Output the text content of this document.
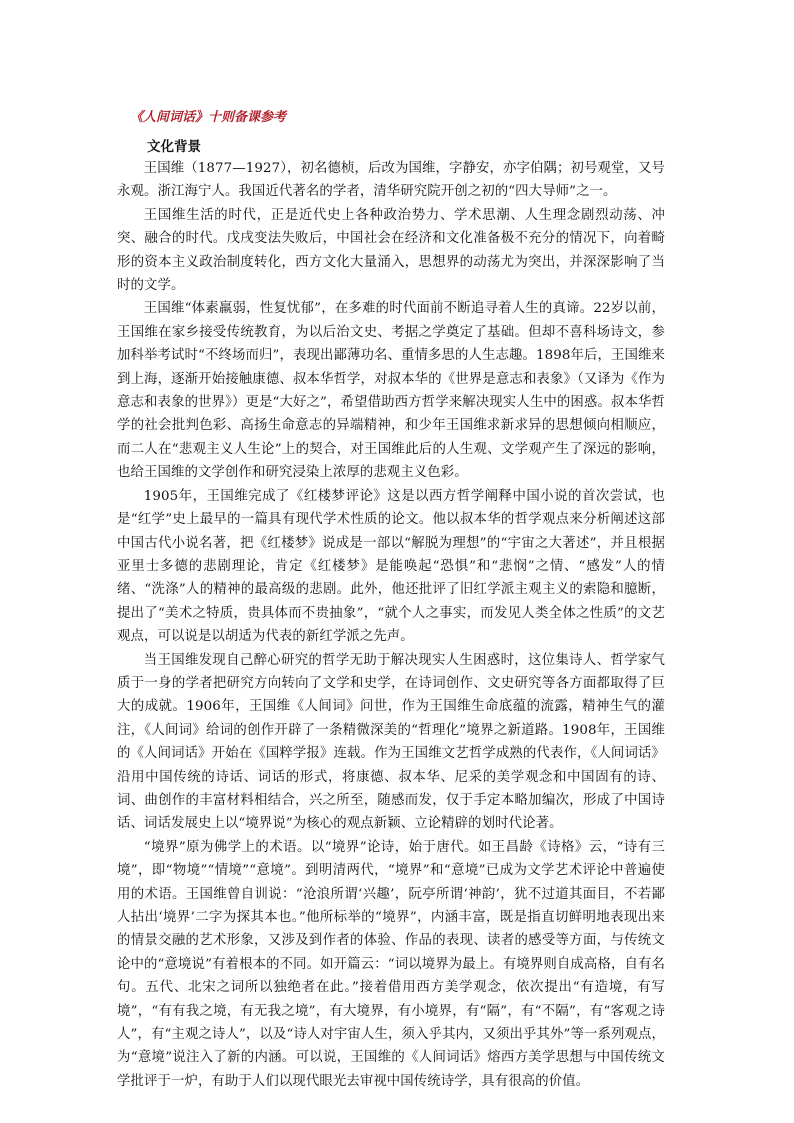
《人间词话》十则备课参考
文化背景

王国维（1877—1927），初名德桢，后改为国维，字静安，亦字伯隅；初号观堂，又号永观。浙江海宁人。我国近代著名的学者，清华研究院开创之初的“四大导师”之一。

王国维生活的时代，正是近代史上各种政治势力、学术思潮、人生理念剧烈动荡、冲突、融合的时代。戊戌变法失败后，中国社会在经济和文化准备极不充分的情况下，向着畸形的资本主义政治制度转化，西方文化大量涌入，思想界的动荡尤为突出，并深深影响了当时的文学。

王国维“体素羸弱，性复忧郁”，在多难的时代面前不断追寻着人生的真谛。22岁以前，王国维在家乡接受传统教育，为以后治文史、考据之学奠定了基础。但却不喜科场诗文，参加科举考试时“不终场而归”，表现出鄙薄功名、重情多思的人生志趣。1898年后，王国维来到上海，逐渐开始接触康德、叔本华哲学，对叔本华的《世界是意志和表象》（又译为《作为意志和表象的世界》）更是“大好之”，希望借助西方哲学来解决现实人生中的困惑。叔本华哲学的社会批判色彩、高扬生命意志的异端精神，和少年王国维求新求异的思想倾向相顺应，而二人在“悲观主义人生论”上的契合，对王国维此后的人生观、文学观产生了深远的影响，也给王国维的文学创作和研究浸染上浓厚的悲观主义色彩。

1905年，王国维完成了《红楼梦评论》这是以西方哲学阐释中国小说的首次尝试，也是“红学”史上最早的一篇具有现代学术性质的论文。他以叔本华的哲学观点来分析阐述这部中国古代小说名著，把《红楼梦》说成是一部以“解脱为理想”的“宇宙之大著述”，并且根据亚里士多德的悲剧理论，肯定《红楼梦》是能唤起“恐惧”和“悲悯”之情、“感发”人的情绪、“洗涤”人的精神的最高级的悲剧。此外，他还批评了旧红学派主观主义的索隐和臆断，提出了“美术之特质，贵具体而不贵抽象”，“就个人之事实，而发见人类全体之性质”的文艺观点，可以说是以胡适为代表的新红学派之先声。

当王国维发现自己醉心研究的哲学无助于解决现实人生困惑时，这位集诗人、哲学家气质于一身的学者把研究方向转向了文学和史学，在诗词创作、文史研究等各方面都取得了巨大的成就。1906年，王国维《人间词》问世，作为王国维生命底蕴的流露，精神生气的灌注，《人间词》给词的创作开辟了一条精微深美的“哲理化”境界之新道路。1908年，王国维的《人间词话》开始在《国粹学报》连载。作为王国维文艺哲学成熟的代表作，《人间词话》沿用中国传统的诗话、词话的形式，将康德、叔本华、尼采的美学观念和中国固有的诗、词、曲创作的丰富材料相结合，兴之所至，随感而发，仅于手定本略加编次，形成了中国诗话、词话发展史上以“境界说”为核心的观点新颖、立论精辟的划时代论著。

“境界”原为佛学上的术语。以“境界”论诗，始于唐代。如王昌龄《诗格》云，“诗有三境”，即“物境”“情境”“意境”。到明清两代，“境界”和“意境”已成为文学艺术评论中普遍使用的术语。王国维曾自训说：“沧浪所谓‘兴趣’，阮亭所谓‘神韵’，犹不过道其面目，不若鄙人拈出‘境界’二字为探其本也。”他所标举的“境界”，内涵丰富，既是指直切鲜明地表现出来的情景交融的艺术形象，又涉及到作者的体验、作品的表现、读者的感受等方面，与传统文论中的“意境说”有着根本的不同。如开篇云：“词以境界为最上。有境界则自成高格，自有名句。五代、北宋之词所以独绝者在此。”接着借用西方美学观念，依次提出“有造境，有写境”，“有有我之境，有无我之境”，有大境界，有小境界，有“隔”，有“不隔”，有“客观之诗人”，有“主观之诗人”，以及“诗人对宇宙人生，须入乎其内，又须出乎其外”等一系列观点，为“意境”说注入了新的内涵。可以说，王国维的《人间词话》熔西方美学思想与中国传统文学批评于一炉，有助于人们以现代眼光去审视中国传统诗学，具有很高的价值。
